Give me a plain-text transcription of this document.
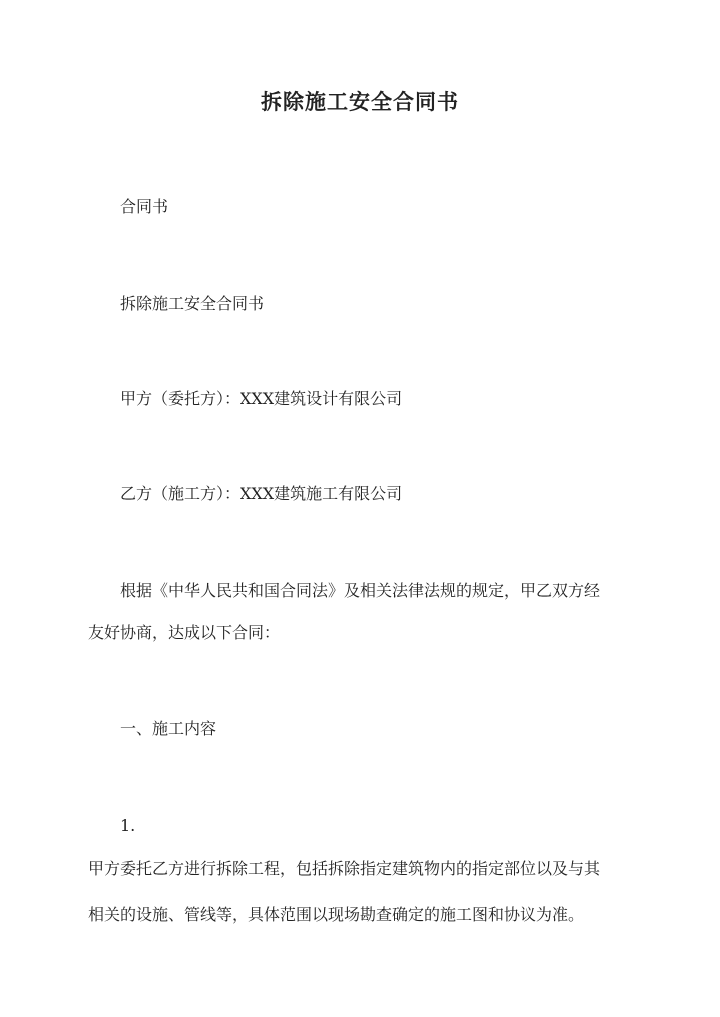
拆除施工安全合同书
合同书
拆除施工安全合同书
甲方（委托方）：XXX建筑设计有限公司
乙方（施工方）：XXX建筑施工有限公司
根据《中华人民共和国合同法》及相关法律法规的规定，甲乙双方经
友好协商，达成以下合同：
一、施工内容
1.
甲方委托乙方进行拆除工程，包括拆除指定建筑物内的指定部位以及与其
相关的设施、管线等，具体范围以现场勘查确定的施工图和协议为准。
